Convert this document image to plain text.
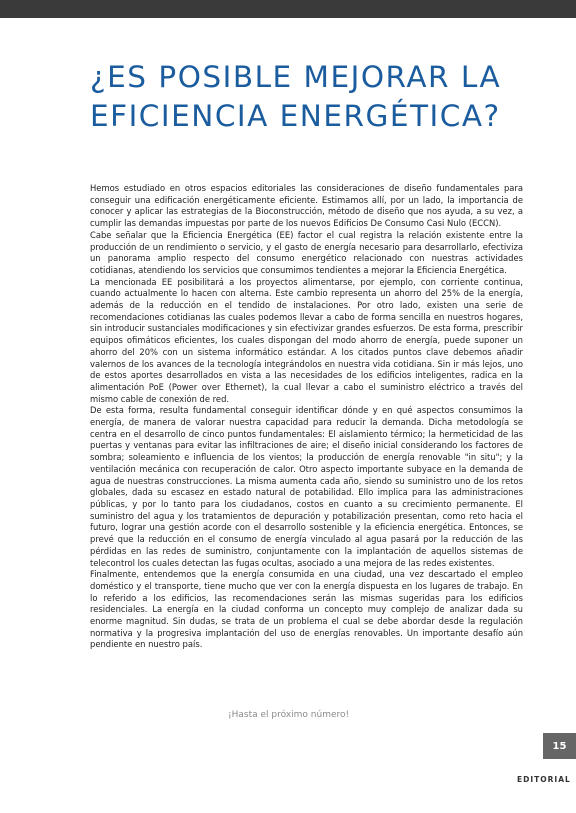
¿ES POSIBLE MEJORAR LA
EFICIENCIA ENERGÉTICA?

Hemos estudiado en otros espacios editoriales las consideraciones de diseño fundamentales para conseguir una edificación energéticamente eficiente. Estimamos allí, por un lado, la importancia de conocer y aplicar las estrategias de la Bioconstrucción, método de diseño que nos ayuda, a su vez, a cumplir las demandas impuestas por parte de los nuevos Edificios De Consumo Casi Nulo (ECCN).

Cabe señalar que la Eficiencia Energética (EE) factor el cual registra la relación existente entre la producción de un rendimiento o servicio, y el gasto de energía necesario para desarrollarlo, efectiviza un panorama amplio respecto del consumo energético relacionado con nuestras actividades cotidianas, atendiendo los servicios que consumimos tendientes a mejorar la Eficiencia Energética.

La mencionada EE posibilitará a los proyectos alimentarse, por ejemplo, con corriente continua, cuando actualmente lo hacen con alterna. Este cambio representa un ahorro del 25% de la energía, además de la reducción en el tendido de instalaciones. Por otro lado, existen una serie de recomendaciones cotidianas las cuales podemos llevar a cabo de forma sencilla en nuestros hogares, sin introducir sustanciales modificaciones y sin efectivizar grandes esfuerzos. De esta forma, prescribir equipos ofimáticos eficientes, los cuales dispongan del modo ahorro de energía, puede suponer un ahorro del 20% con un sistema informático estándar. A los citados puntos clave debemos añadir valernos de los avances de la tecnología integrándolos en nuestra vida cotidiana. Sin ir más lejos, uno de estos aportes desarrollados en vista a las necesidades de los edificios inteligentes, radica en la alimentación PoE (Power over Ethernet), la cual llevar a cabo el suministro eléctrico a través del mismo cable de conexión de red.

De esta forma, resulta fundamental conseguir identificar dónde y en qué aspectos consumimos la energía, de manera de valorar nuestra capacidad para reducir la demanda. Dicha metodología se centra en el desarrollo de cinco puntos fundamentales: El aislamiento térmico; la hermeticidad de las puertas y ventanas para evitar las infiltraciones de aire; el diseño inicial considerando los factores de sombra; soleamiento e influencia de los vientos; la producción de energía renovable "in situ"; y la ventilación mecánica con recuperación de calor. Otro aspecto importante subyace en la demanda de agua de nuestras construcciones. La misma aumenta cada año, siendo su suministro uno de los retos globales, dada su escasez en estado natural de potabilidad. Ello implica para las administraciones públicas, y por lo tanto para los ciudadanos, costos en cuanto a su crecimiento permanente. El suministro del agua y los tratamientos de depuración y potabilización presentan, como reto hacia el futuro, lograr una gestión acorde con el desarrollo sostenible y la eficiencia energética. Entonces, se prevé que la reducción en el consumo de energía vinculado al agua pasará por la reducción de las pérdidas en las redes de suministro, conjuntamente con la implantación de aquellos sistemas de telecontrol los cuales detectan las fugas ocultas, asociado a una mejora de las redes existentes.

Finalmente, entendemos que la energía consumida en una ciudad, una vez descartado el empleo doméstico y el transporte, tiene mucho que ver con la energía dispuesta en los lugares de trabajo. En lo referido a los edificios, las recomendaciones serán las mismas sugeridas para los edificios residenciales. La energía en la ciudad conforma un concepto muy complejo de analizar dada su enorme magnitud. Sin dudas, se trata de un problema el cual se debe abordar desde la regulación normativa y la progresiva implantación del uso de energías renovables. Un importante desafío aún pendiente en nuestro país.

¡Hasta el próximo número!
15
EDITORIAL
